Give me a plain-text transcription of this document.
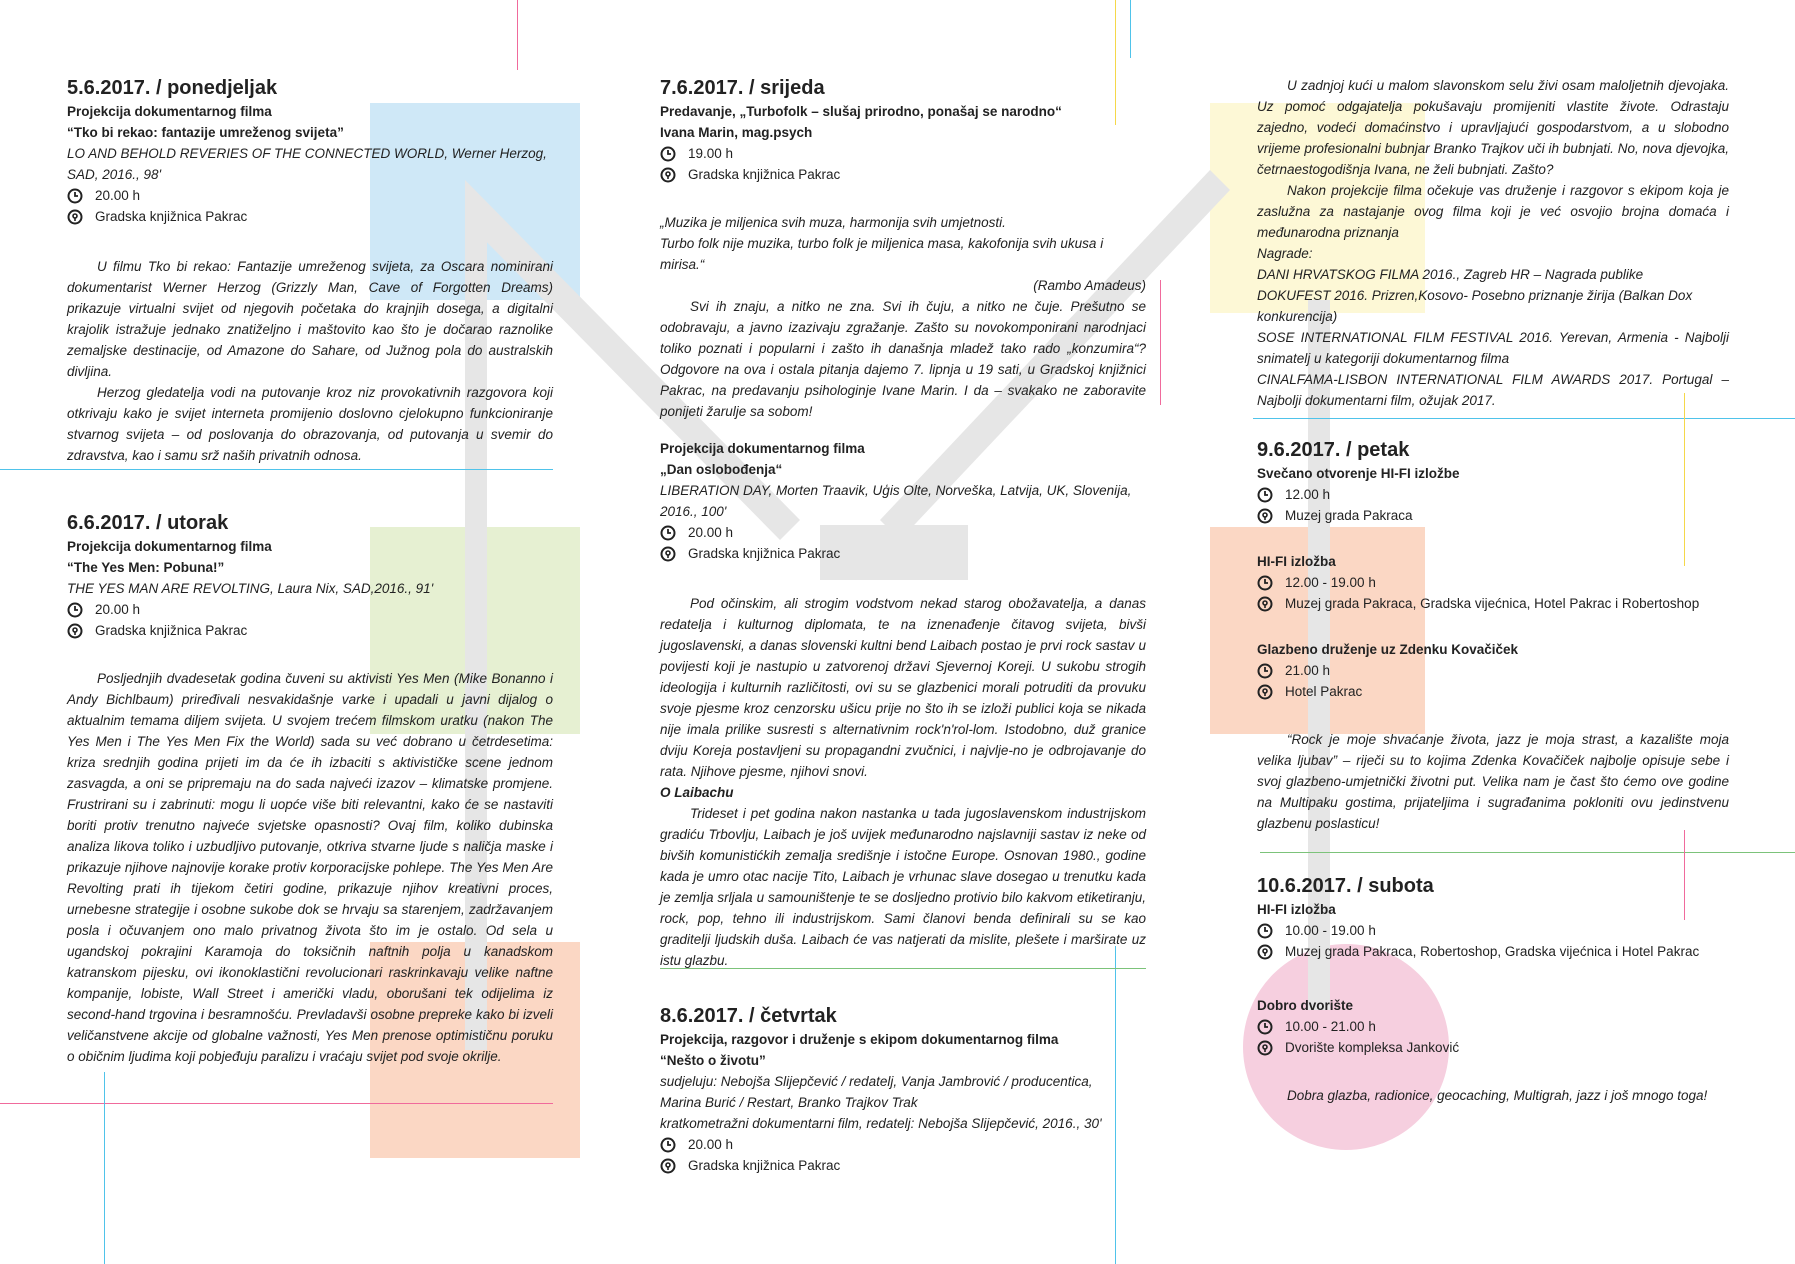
5.6.2017. / ponedjeljak
Projekcija dokumentarnog filma
“Tko bi rekao: fantazije umreženog svijeta”
LO AND BEHOLD REVERIES OF THE CONNECTED WORLD, Werner Herzog, SAD, 2016., 98'
20.00 h
Gradska knjižnica Pakrac

U filmu Tko bi rekao: Fantazije umreženog svijeta, za Oscara nominirani dokumentarist Werner Herzog (Grizzly Man, Cave of Forgotten Dreams) prikazuje virtualni svijet od njegovih početaka do krajnjih dosega, a digitalni krajolik istražuje jednako znatiželjno i maštovito kao što je dočarao raznolike zemaljske destinacije, od Amazone do Sahare, od Južnog pola do australskih divljina.

Herzog gledatelja vodi na putovanje kroz niz provokativnih razgovora koji otkrivaju kako je svijet interneta promijenio doslovno cjelokupno funkcioniranje stvarnog svijeta – od poslovanja do obrazovanja, od putovanja u svemir do zdravstva, kao i samu srž naših privatnih odnosa.

6.6.2017. / utorak
Projekcija dokumentarnog filma
“The Yes Men: Pobuna!”
THE YES MAN ARE REVOLTING, Laura Nix, SAD,2016., 91'
20.00 h
Gradska knjižnica Pakrac

Posljednjih dvadesetak godina čuveni su aktivisti Yes Men (Mike Bonanno i Andy Bichlbaum) priređivali nesvakidašnje varke i upadali u javni dijalog o aktualnim temama diljem svijeta. U svojem trećem filmskom uratku (nakon The Yes Men i The Yes Men Fix the World) sada su već dobrano u četrdesetima: kriza srednjih godina prijeti im da će ih izbaciti s aktivističke scene jednom zasvagda, a oni se pripremaju na do sada najveći izazov – klimatske promjene. Frustrirani su i zabrinuti: mogu li uopće više biti relevantni, kako će se nastaviti boriti protiv trenutno najveće svjetske opasnosti? Ovaj film, koliko dubinska analiza likova toliko i uzbudljivo putovanje, otkriva stvarne ljude s naličja maske i prikazuje njihove najnovije korake protiv korporacijske pohlepe. The Yes Men Are Revolting prati ih tijekom četiri godine, prikazuje njihov kreativni proces, urnebesne strategije i osobne sukobe dok se hrvaju sa starenjem, zadržavanjem posla i očuvanjem ono malo privatnog života što im je ostalo. Od sela u ugandskoj pokrajini Karamoja do toksičnih naftnih polja u kanadskom katranskom pijesku, ovi ikonoklastični revolucionari raskrinkavaju velike naftne kompanije, lobiste, Wall Street i američki vladu, oborušani tek odijelima iz second-hand trgovina i besramnošću. Prevladavši osobne prepreke kako bi izveli veličanstvene akcije od globalne važnosti, Yes Men prenose optimističnu poruku o običnim ljudima koji pobjeđuju paralizu i vraćaju svijet pod svoje okrilje.

7.6.2017. / srijeda
Predavanje, „Turbofolk – slušaj prirodno, ponašaj se narodno“
Ivana Marin, mag.psych
19.00 h
Gradska knjižnica Pakrac
„Muzika je miljenica svih muza, harmonija svih umjetnosti.
Turbo folk nije muzika, turbo folk je miljenica masa, kakofonija svih ukusa i mirisa.“
(Rambo Amadeus)

Svi ih znaju, a nitko ne zna. Svi ih čuju, a nitko ne čuje. Prešutno se odobravaju, a javno izazivaju zgražanje. Zašto su novokomponirani narodnjaci toliko poznati i popularni i zašto ih današnja mladež tako rado „konzumira“? Odgovore na ova i ostala pitanja dajemo 7. lipnja u 19 sati, u Gradskoj knjižnici Pakrac, na predavanju psihologinje Ivane Marin. I da – svakako ne zaboravite ponijeti žarulje sa sobom!

Projekcija dokumentarnog filma
„Dan oslobođenja“
LIBERATION DAY, Morten Traavik, Uģis Olte, Norveška, Latvija, UK, Slovenija, 2016., 100'
20.00 h
Gradska knjižnica Pakrac

Pod očinskim, ali strogim vodstvom nekad starog obožavatelja, a danas redatelja i kulturnog diplomata, te na iznenađenje čitavog svijeta, bivši jugoslavenski, a danas slovenski kultni bend Laibach postao je prvi rock sastav u povijesti koji je nastupio u zatvorenoj državi Sjevernoj Koreji. U sukobu strogih ideologija i kulturnih različitosti, ovi su se glazbenici morali potruditi da provuku svoje pjesme kroz cenzorsku ušicu prije no što ih se izloži publici koja se nikada nije imala prilike susresti s alternativnim rock'n'rol-lom. Istodobno, duž granice dviju Koreja postavljeni su propagandni zvučnici, i najvlje-no je odbrojavanje do rata. Njihove pjesme, njihovi snovi.

O Laibachu

Trideset i pet godina nakon nastanka u tada jugoslavenskom industrijskom gradiću Trbovlju, Laibach je još uvijek međunarodno najslavniji sastav iz neke od bivših komunistićkih zemalja središnje i istočne Europe. Osnovan 1980., godine kada je umro otac nacije Tito, Laibach je vrhunac slave dosegao u trenutku kada je zemlja srljala u samouništenje te se dosljedno protivio bilo kakvom etiketiranju, rock, pop, tehno ili industrijskom. Sami članovi benda definirali su se kao graditelji ljudskih duša. Laibach će vas natjerati da mislite, plešete i marširate uz istu glazbu.

8.6.2017. / četvrtak
Projekcija, razgovor i druženje s ekipom dokumentarnog filma
“Nešto o životu”
sudjeluju: Nebojša Slijepčević / redatelj, Vanja Jambrović / producentica,
Marina Burić / Restart, Branko Trajkov Trak
kratkometražni dokumentarni film, redatelj: Nebojša Slijepčević, 2016., 30'
20.00 h
Gradska knjižnica Pakrac

U zadnjoj kući u malom slavonskom selu živi osam maloljetnih djevojaka. Uz pomoć odgajatelja pokušavaju promijeniti vlastite živote. Odrastaju zajedno, vodeći domaćinstvo i upravljajući gospodarstvom, a u slobodno vrijeme profesionalni bubnjar Branko Trajkov uči ih bubnjati. No, nova djevojka, četrnaestogodišnja Ivana, ne želi bubnjati. Zašto?

Nakon projekcije filma očekuje vas druženje i razgovor s ekipom koja je zaslužna za nastajanje ovog filma koji je već osvojio brojna domaća i međunarodna priznanja

Nagrade:
DANI HRVATSKOG FILMA 2016., Zagreb HR – Nagrada publike
DOKUFEST 2016. Prizren,Kosovo- Posebno priznanje žirija (Balkan Dox konkurencija)
SOSE INTERNATIONAL FILM FESTIVAL 2016. Yerevan, Armenia - Najbolji snimatelj u kategoriji dokumentarnog filma
CINALFAMA-LISBON INTERNATIONAL FILM AWARDS 2017. Portugal – Najbolji dokumentarni film, ožujak 2017.
9.6.2017. / petak
Svečano otvorenje HI-FI izložbe
12.00 h
Muzej grada Pakraca
HI-FI izložba
12.00 - 19.00 h
Muzej grada Pakraca, Gradska vijećnica, Hotel Pakrac i Robertoshop
Glazbeno druženje uz Zdenku Kovačiček
21.00 h
Hotel Pakrac

“Rock je moje shvaćanje života, jazz je moja strast, a kazalište moja velika ljubav” – riječi su to kojima Zdenka Kovačiček najbolje opisuje sebe i svoj glazbeno-umjetnički životni put. Velika nam je čast što ćemo ove godine na Multipaku gostima, prijateljima i sugrađanima pokloniti ovu jedinstvenu glazbenu poslasticu!

10.6.2017. / subota
HI-FI izložba
10.00 - 19.00 h
Muzej grada Pakraca, Robertoshop, Gradska vijećnica i Hotel Pakrac
Dobro dvorište
10.00 - 21.00 h
Dvorište kompleksa Janković
Dobra glazba, radionice, geocaching, Multigrah, jazz i još mnogo toga!
